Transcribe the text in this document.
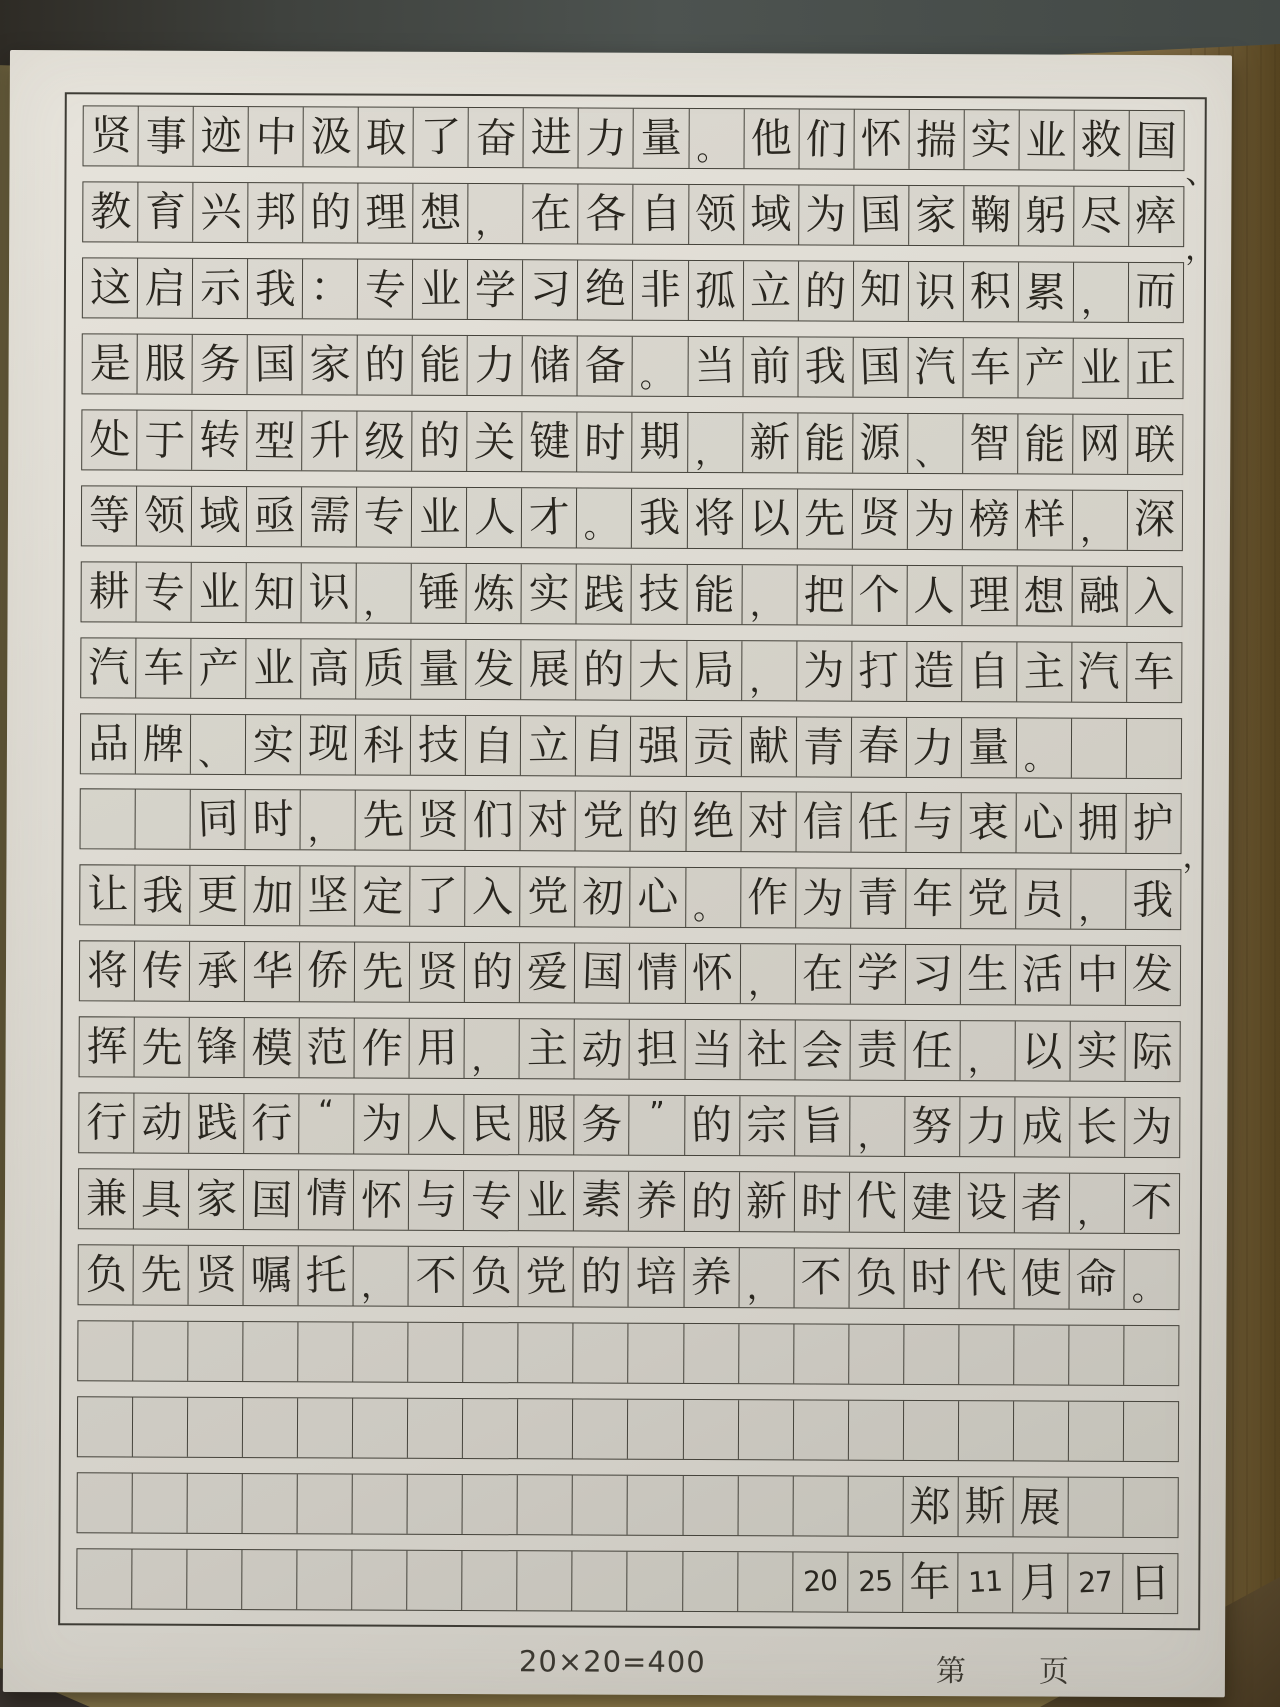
贤 事 迹 中 汲 取 了 奋 进 力 量 。 他 们 怀 揣 实 业 救 国
教 育 兴 邦 的 理 想 ， 在 各 自 领 域 为 国 家 鞠 躬 尽 瘁
这 启 示 我 ： 专 业 学 习 绝 非 孤 立 的 知 识 积 累 ， 而
是 服 务 国 家 的 能 力 储 备 。 当 前 我 国 汽 车 产 业 正
处 于 转 型 升 级 的 关 键 时 期 ， 新 能 源 、 智 能 网 联
等 领 域 亟 需 专 业 人 才 。 我 将 以 先 贤 为 榜 样 ， 深
耕 专 业 知 识 ， 锤 炼 实 践 技 能 ， 把 个 人 理 想 融 入
汽 车 产 业 高 质 量 发 展 的 大 局 ， 为 打 造 自 主 汽 车
品 牌 、 实 现 科 技 自 立 自 强 贡 献 青 春 力 量 。
同 时 ， 先 贤 们 对 党 的 绝 对 信 任 与 衷 心 拥 护
让 我 更 加 坚 定 了 入 党 初 心 。 作 为 青 年 党 员 ， 我
将 传 承 华 侨 先 贤 的 爱 国 情 怀 ， 在 学 习 生 活 中 发
挥 先 锋 模 范 作 用 ， 主 动 担 当 社 会 责 任 ， 以 实 际
行 动 践 行 “ 为 人 民 服 务 ” 的 宗 旨 ， 努 力 成 长 为
兼 具 家 国 情 怀 与 专 业 素 养 的 新 时 代 建 设 者 ， 不
负 先 贤 嘱 托 ， 不 负 党 的 培 养 ， 不 负 时 代 使 命 。
郑 斯 展
20 25 年 11 月 27 日
20×20=400	第 页
、
，
，
